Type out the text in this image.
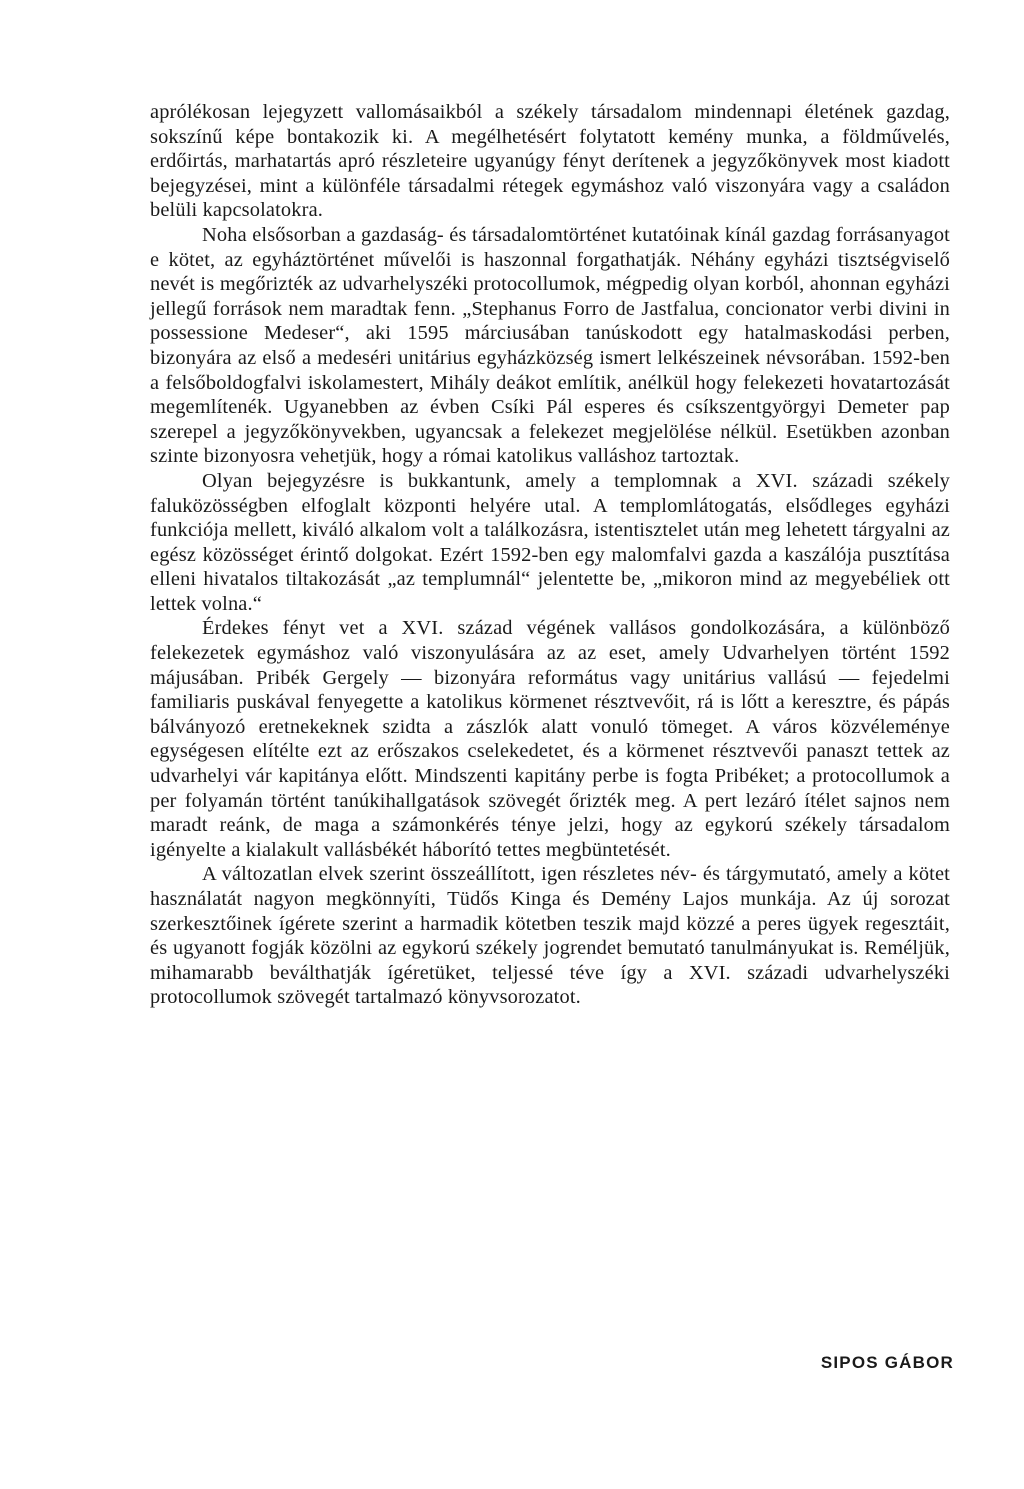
aprólékosan lejegyzett vallomásaikból a székely társadalom mindennapi életének gazdag, sokszínű képe bontakozik ki. A megélhetésért folytatott kemény munka, a földművelés, erdőirtás, marhatartás apró részleteire ugyanúgy fényt derítenek a jegyzőkönyvek most kiadott bejegyzései, mint a különféle társadalmi rétegek egymáshoz való viszonyára vagy a családon belüli kapcsolatokra.

Noha elsősorban a gazdaság- és társadalomtörténet kutatóinak kínál gazdag forrásanyagot e kötet, az egyháztörténet művelői is haszonnal forgathatják. Néhány egyházi tisztségviselő nevét is megőrizték az udvarhelyszéki protocollumok, mégpedig olyan korból, ahonnan egyházi jellegű források nem maradtak fenn. „Stephanus Forro de Jastfalua, concionator verbi divini in possessione Medeser“, aki 1595 márciusában tanúskodott egy hatalmaskodási perben, bizonyára az első a medeséri unitárius egyházközség ismert lelkészeinek névsorában. 1592-ben a felsőboldogfalvi iskolamestert, Mihály deákot említik, anélkül hogy felekezeti hovatartozását megemlítenék. Ugyanebben az évben Csíki Pál esperes és csíkszentgyörgyi Demeter pap szerepel a jegyzőkönyvekben, ugyancsak a felekezet megjelölése nélkül. Esetükben azonban szinte bizonyosra vehetjük, hogy a római katolikus valláshoz tartoztak.

Olyan bejegyzésre is bukkantunk, amely a templomnak a XVI. századi székely faluközösségben elfoglalt központi helyére utal. A templomlátogatás, elsődleges egyházi funkciója mellett, kiváló alkalom volt a találkozásra, istentisztelet után meg lehetett tárgyalni az egész közösséget érintő dolgokat. Ezért 1592-ben egy malomfalvi gazda a kaszálója pusztítása elleni hivatalos tiltakozását „az templumnál“ jelentette be, „mikoron mind az megyebéliek ott lettek volna.“

Érdekes fényt vet a XVI. század végének vallásos gondolkozására, a különböző felekezetek egymáshoz való viszonyulására az az eset, amely Udvarhelyen történt 1592 májusában. Pribék Gergely — bizonyára református vagy unitárius vallású — fejedelmi familiaris puskával fenyegette a katolikus körmenet résztvevőit, rá is lőtt a keresztre, és pápás bálványozó eretnekeknek szidta a zászlók alatt vonuló tömeget. A város közvéleménye egységesen elítélte ezt az erőszakos cselekedetet, és a körmenet résztvevői panaszt tettek az udvarhelyi vár kapitánya előtt. Mindszenti kapitány perbe is fogta Pribéket; a protocollumok a per folyamán történt tanúkihallgatások szövegét őrizték meg. A pert lezáró ítélet sajnos nem maradt reánk, de maga a számonkérés ténye jelzi, hogy az egykorú székely társadalom igényelte a kialakult vallásbékét háborító tettes megbüntetését.

A változatlan elvek szerint összeállított, igen részletes név- és tárgymutató, amely a kötet használatát nagyon megkönnyíti, Tüdős Kinga és Demény Lajos munkája. Az új sorozat szerkesztőinek ígérete szerint a harmadik kötetben teszik majd közzé a peres ügyek regesztáit, és ugyanott fogják közölni az egykorú székely jogrendet bemutató tanulmányukat is. Reméljük, mihamarabb beválthatják ígéretüket, teljessé téve így a XVI. századi udvarhelyszéki protocollumok szövegét tartalmazó könyvsorozatot.

SIPOS GÁBOR
